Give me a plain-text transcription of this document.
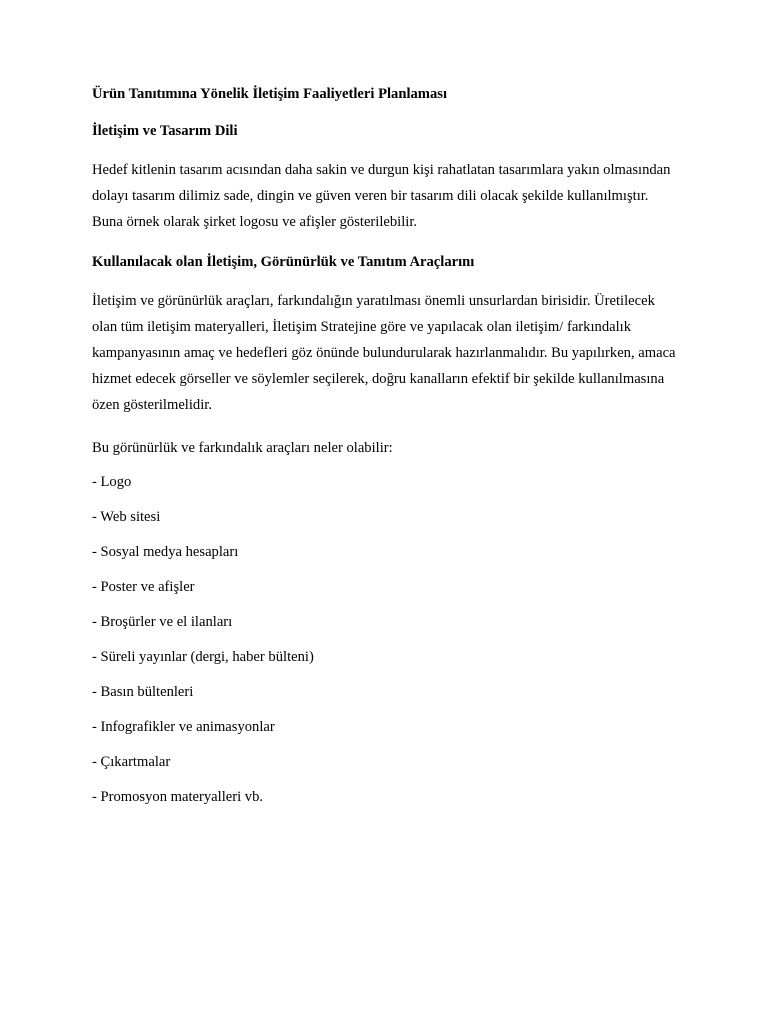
Ürün Tanıtımına Yönelik İletişim Faaliyetleri Planlaması

İletişim ve Tasarım Dili

Hedef kitlenin tasarım acısından daha sakin ve durgun kişi rahatlatan tasarımlara yakın olmasından dolayı tasarım dilimiz sade, dingin ve güven veren bir tasarım dili olacak şekilde kullanılmıştır. Buna örnek olarak şirket logosu ve afişler gösterilebilir.

Kullanılacak olan İletişim, Görünürlük ve Tanıtım Araçlarını

İletişim ve görünürlük araçları, farkındalığın yaratılması önemli unsurlardan birisidir. Üretilecek olan tüm iletişim materyalleri, İletişim Stratejine göre ve yapılacak olan iletişim/ farkındalık kampanyasının amaç ve hedefleri göz önünde bulundurularak hazırlanmalıdır. Bu yapılırken, amaca hizmet edecek görseller ve söylemler seçilerek, doğru kanalların efektif bir şekilde kullanılmasına özen gösterilmelidir.

Bu görünürlük ve farkındalık araçları neler olabilir:

- Logo
- Web sitesi
- Sosyal medya hesapları
- Poster ve afişler
- Broşürler ve el ilanları
- Süreli yayınlar (dergi, haber bülteni)
- Basın bültenleri
- Infografikler ve animasyonlar
- Çıkartmalar
- Promosyon materyalleri vb.
